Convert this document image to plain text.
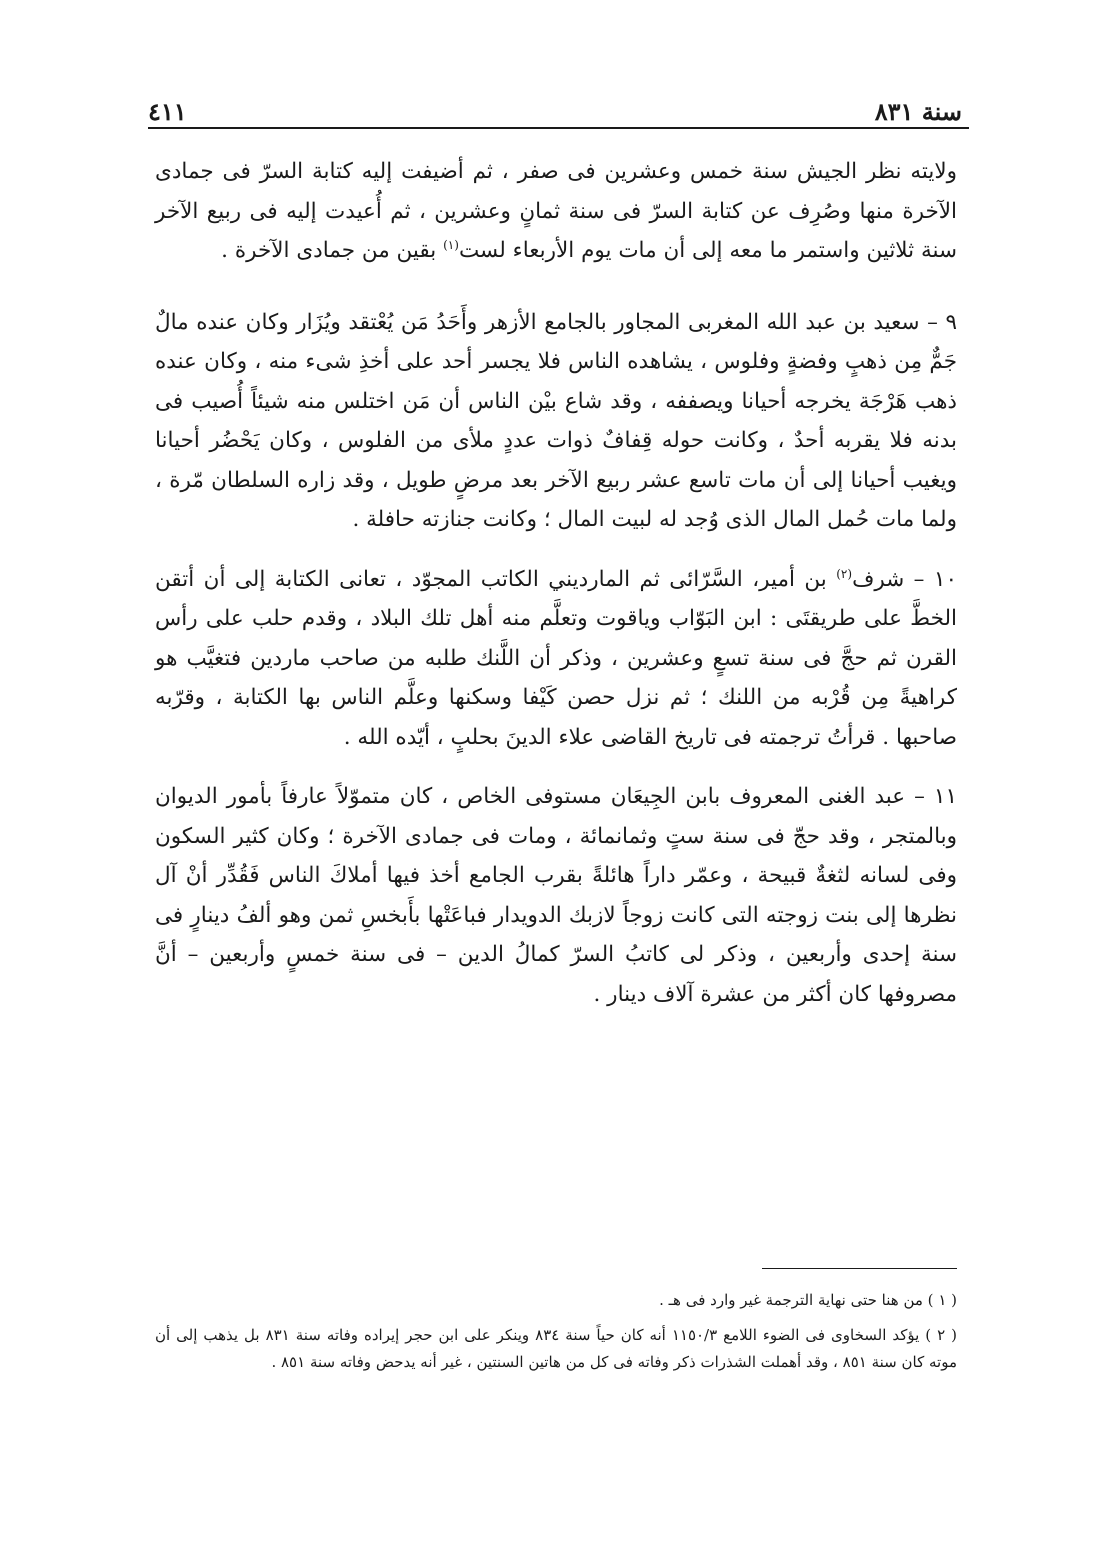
سنة ٨٣١
٤١١

ولايته نظر الجيش سنة خمس وعشرين فى صفر ، ثم أضيفت إليه كتابة السرّ فى جمادى الآخرة منها وصُرِف عن كتابة السرّ فى سنة ثمانٍ وعشرين ، ثم أُعيدت إليه فى ربيع الآخر سنة ثلاثين واستمر ما معه إلى أن مات يوم الأربعاء لست$^{(١)}$ بقين من جمادى الآخرة .

٩ – سعيد بن عبد الله المغربى المجاور بالجامع الأزهر وأَحَدُ مَن يُعْتقد ويُزَار وكان عنده مالٌ جَمٌّ مِن ذهبٍ وفضةٍ وفلوس ، يشاهده الناس فلا يجسر أحد على أخذِ شىء منه ، وكان عنده ذهب هَرْجَة يخرجه أحيانا ويصففه ، وقد شاع بيْن الناس أن مَن اختلس منه شيئاً أُصيب فى بدنه فلا يقربه أحدٌ ، وكانت حوله قِفافٌ ذوات عددٍ ملأى من الفلوس ، وكان يَحْضُر أحيانا ويغيب أحيانا إلى أن مات تاسع عشر ربيع الآخر بعد مرضٍ طويل ، وقد زاره السلطان مّرة ، ولما مات حُمل المال الذى وُجد له لبيت المال ؛ وكانت جنازته حافلة .

١٠ – شرف$^{(٢)}$ بن أمير، السَّرّائى ثم المارديني الكاتب المجوّد ، تعانى الكتابة إلى أن أتقن الخطَّ على طريقتَى : ابن البَوّاب وياقوت وتعلَّم منه أهل تلك البلاد ، وقدم حلب على رأس القرن ثم حجَّ فى سنة تسعٍ وعشرين ، وذكر أن اللَّنك طلبه من صاحب ماردين فتغيَّب هو كراهيةً مِن قُرْبه من اللنك ؛ ثم نزل حصن كَيْفا وسكنها وعلَّم الناس بها الكتابة ، وقرّبه صاحبها . قرأتُ ترجمته فى تاريخ القاضى علاء الدينَ بحلبٍ ، أيّده الله .

١١ – عبد الغنى المعروف بابن الجِيعَان مستوفى الخاص ، كان متموّلاً عارفاً بأمور الديوان وبالمتجر ، وقد حجّ فى سنة ستٍ وثمانمائة ، ومات فى جمادى الآخرة ؛ وكان كثير السكون وفى لسانه لثغةٌ قبيحة ، وعمّر داراً هائلةً بقرب الجامع أخذ فيها أملاكَ الناس فَقُدِّر أنْ آل نظرها إلى بنت زوجته التى كانت زوجاً لازبك الدويدار فباعَتْها بأَبخسِ ثمن وهو ألفُ دينارٍ فى سنة إحدى وأربعين ، وذكر لى كاتبُ السرّ كمالُ الدين – فى سنة خمسٍ وأربعين – أنَّ مصروفها كان أكثر من عشرة آلاف دينار .

( ١ ) من هنا حتى نهاية الترجمة غير وارد فى هـ .

( ٢ ) يؤكد السخاوى فى الضوء اللامع ١١٥٠/٣ أنه كان حياً سنة ٨٣٤ وينكر على ابن حجر إيراده وفاته سنة ٨٣١ بل يذهب إلى أن موته كان سنة ٨٥١ ، وقد أهملت الشذرات ذكر وفاته فى كل من هاتين السنتين ، غير أنه يدحض وفاته سنة ٨٥١ .
